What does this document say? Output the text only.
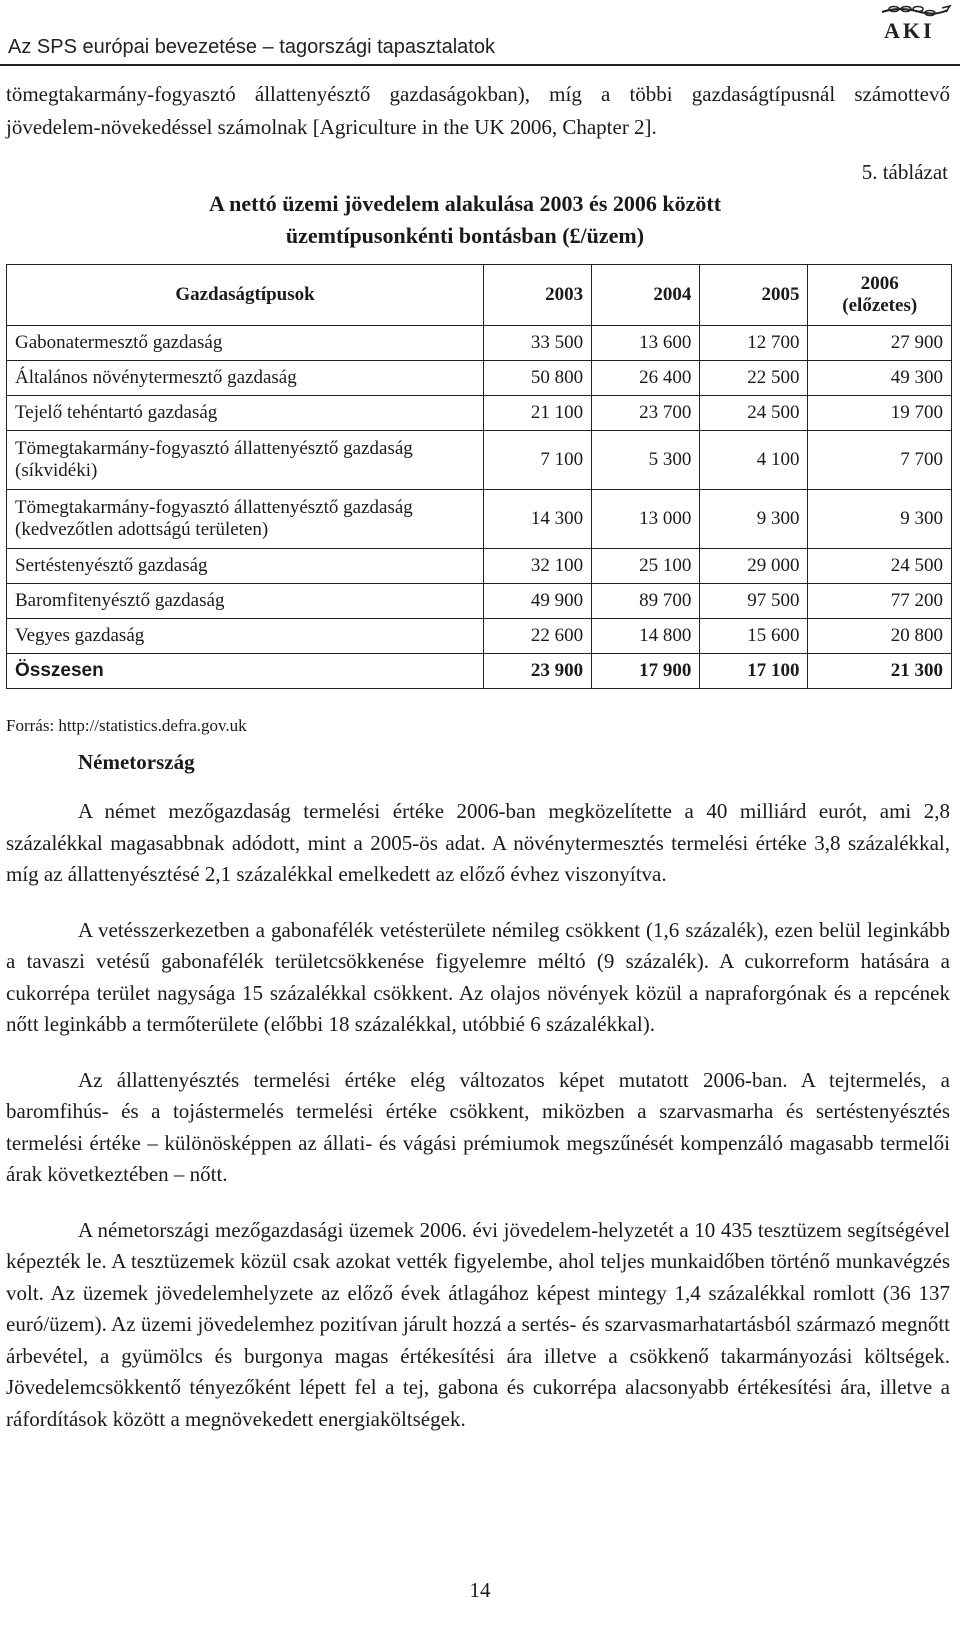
Az SPS európai bevezetése – tagországi tapasztalatok
AKI

tömegtakarmány-fogyasztó állattenyésztő gazdaságokban), míg a többi gazdaságtípusnál számottevő jövedelem-növekedéssel számolnak [Agriculture in the UK 2006, Chapter 2].

5. táblázat
A nettó üzemi jövedelem alakulása 2003 és 2006 között
üzemtípusonkénti bontásban (£/üzem)
Gazdaságtípusok	2003	2004	2005	2006
(előzetes)

Gabonatermesztő gazdaság	33 500	13 600	12 700	27 900
Általános növénytermesztő gazdaság	50 800	26 400	22 500	49 300
Tejelő tehéntartó gazdaság	21 100	23 700	24 500	19 700

Tömegtakarmány-fogyasztó állattenyésztő gazdaság
(síkvidéki)	7 100	5 300	4 100	7 700

Tömegtakarmány-fogyasztó állattenyésztő gazdaság
(kedvezőtlen adottságú területen)	14 300	13 000	9 300	9 300
Sertéstenyésztő gazdaság	32 100	25 100	29 000	24 500
Baromfitenyésztő gazdaság	49 900	89 700	97 500	77 200
Vegyes gazdaság	22 600	14 800	15 600	20 800
Összesen	23 900	17 900	17 100	21 300
Forrás: http://statistics.defra.gov.uk
Németország

A német mezőgazdaság termelési értéke 2006-ban megközelítette a 40 milliárd eurót, ami 2,8 százalékkal magasabbnak adódott, mint a 2005-ös adat. A növénytermesztés termelési értéke 3,8 százalékkal, míg az állattenyésztésé 2,1 százalékkal emelkedett az előző évhez viszonyítva.

A vetésszerkezetben a gabonafélék vetésterülete némileg csökkent (1,6 százalék), ezen belül leginkább a tavaszi vetésű gabonafélék területcsökkenése figyelemre méltó (9 százalék). A cukorreform hatására a cukorrépa terület nagysága 15 százalékkal csökkent. Az olajos növények közül a napraforgónak és a repcének nőtt leginkább a termőterülete (előbbi 18 százalékkal, utóbbié 6 százalékkal).

Az állattenyésztés termelési értéke elég változatos képet mutatott 2006-ban. A tejtermelés, a baromfihús- és a tojástermelés termelési értéke csökkent, miközben a szarvasmarha és sertéstenyésztés termelési értéke – különösképpen az állati- és vágási prémiumok megszűnését kompenzáló magasabb termelői árak következtében – nőtt.

A németországi mezőgazdasági üzemek 2006. évi jövedelem-helyzetét a 10 435 tesztüzem segítségével képezték le. A tesztüzemek közül csak azokat vették figyelembe, ahol teljes munkaidőben történő munkavégzés volt. Az üzemek jövedelemhelyzete az előző évek átlagához képest mintegy 1,4 százalékkal romlott (36 137 euró/üzem). Az üzemi jövedelemhez pozitívan járult hozzá a sertés- és szarvasmarhatartásból származó megnőtt árbevétel, a gyümölcs és burgonya magas értékesítési ára illetve a csökkenő takarmányozási költségek. Jövedelemcsökkentő tényezőként lépett fel a tej, gabona és cukorrépa alacsonyabb értékesítési ára, illetve a ráfordítások között a megnövekedett energiaköltségek.

14
